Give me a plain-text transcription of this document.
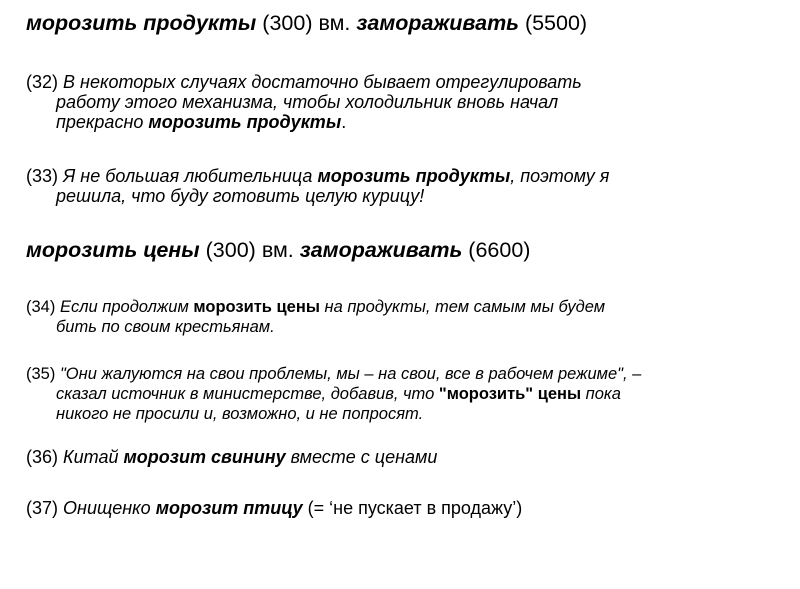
морозить продукты (300) вм. замораживать (5500)

(32) В некоторых случаях достаточно бывает отрегулировать
работу этого механизма, чтобы холодильник вновь начал
прекрасно морозить продукты.
(33) Я не большая любительница морозить продукты, поэтому я
решила, что буду готовить целую курицу!

морозить цены (300) вм. замораживать (6600)

(34) Если продолжим морозить цены на продукты, тем самым мы будем
бить по своим крестьянам.
(35) "Они жалуются на свои проблемы, мы – на свои, все в рабочем режиме", –
сказал источник в министерстве, добавив, что "морозить" цены пока
никого не просили и, возможно, и не попросят.
(36) Китай морозит свинину вместе с ценами
(37) Онищенко морозит птицу (= ‘не пускает в продажу’)
